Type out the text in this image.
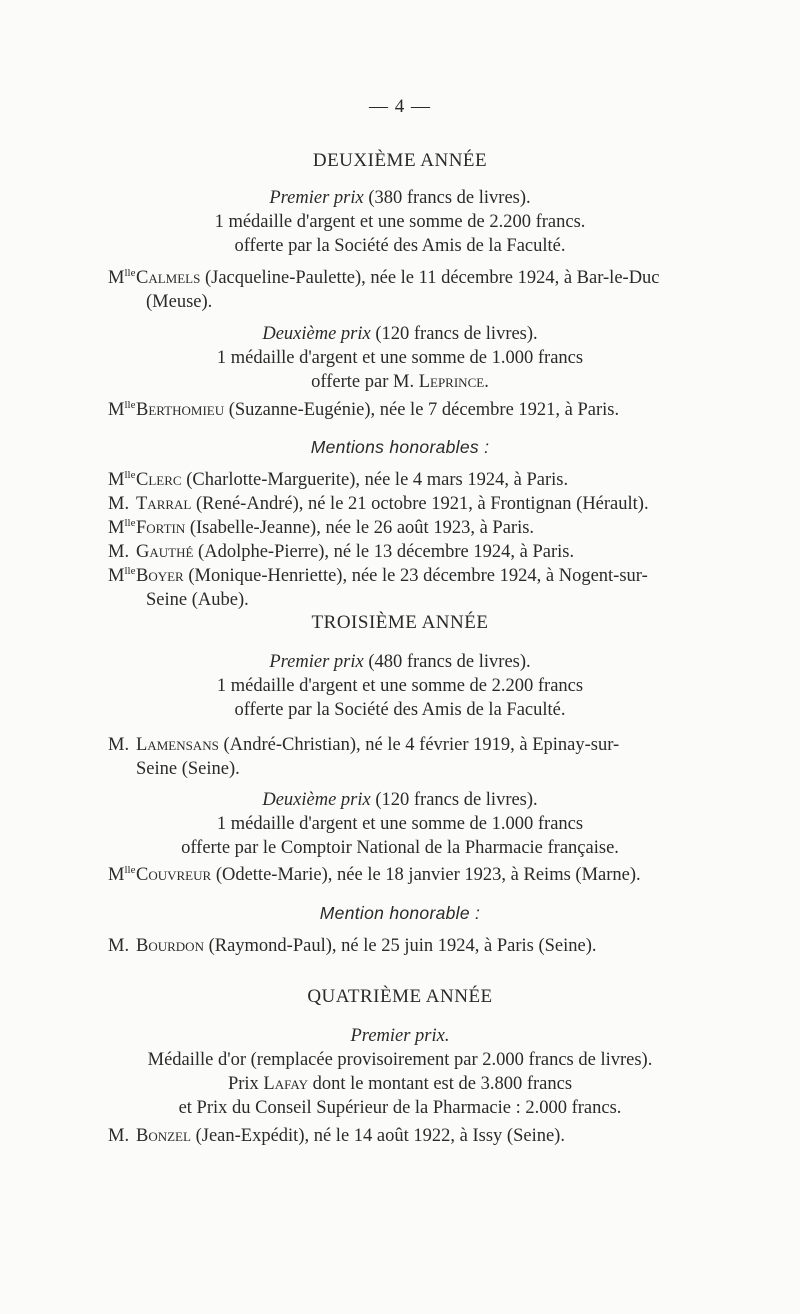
— 4 —
DEUXIÈME ANNÉE
Premier prix (380 francs de livres).
1 médaille d'argent et une somme de 2.200 francs.
offerte par la Société des Amis de la Faculté.
$M^{lle}Calmels$ (Jacqueline-Paulette), née le 11 décembre 1924, à Bar-le-Duc
(Meuse).
Deuxième prix (120 francs de livres).
1 médaille d'argent et une somme de 1.000 francs
offerte par M. Leprince.
$M^{lle}Berthomieu$ (Suzanne-Eugénie), née le 7 décembre 1921, à Paris.
Mentions honorables :
$M^{lle}Clerc$ (Charlotte-Marguerite), née le 4 mars 1924, à Paris.
M. Tarral (René-André), né le 21 octobre 1921, à Frontignan (Hérault).
$M^{lle}Fortin$ (Isabelle-Jeanne), née le 26 août 1923, à Paris.
M. Gauthé (Adolphe-Pierre), né le 13 décembre 1924, à Paris.
$M^{lle}Boyer$ (Monique-Henriette), née le 23 décembre 1924, à Nogent-sur-
Seine (Aube).
TROISIÈME ANNÉE
Premier prix (480 francs de livres).
1 médaille d'argent et une somme de 2.200 francs
offerte par la Société des Amis de la Faculté.
M. Lamensans (André-Christian), né le 4 février 1919, à Epinay-sur-
Seine (Seine).
Deuxième prix (120 francs de livres).
1 médaille d'argent et une somme de 1.000 francs
offerte par le Comptoir National de la Pharmacie française.
$M^{lle}Couvreur$ (Odette-Marie), née le 18 janvier 1923, à Reims (Marne).
Mention honorable :
M. Bourdon (Raymond-Paul), né le 25 juin 1924, à Paris (Seine).
QUATRIÈME ANNÉE
Premier prix.
Médaille d'or (remplacée provisoirement par 2.000 francs de livres).
Prix Lafay dont le montant est de 3.800 francs
et Prix du Conseil Supérieur de la Pharmacie : 2.000 francs.
M. Bonzel (Jean-Expédit), né le 14 août 1922, à Issy (Seine).
